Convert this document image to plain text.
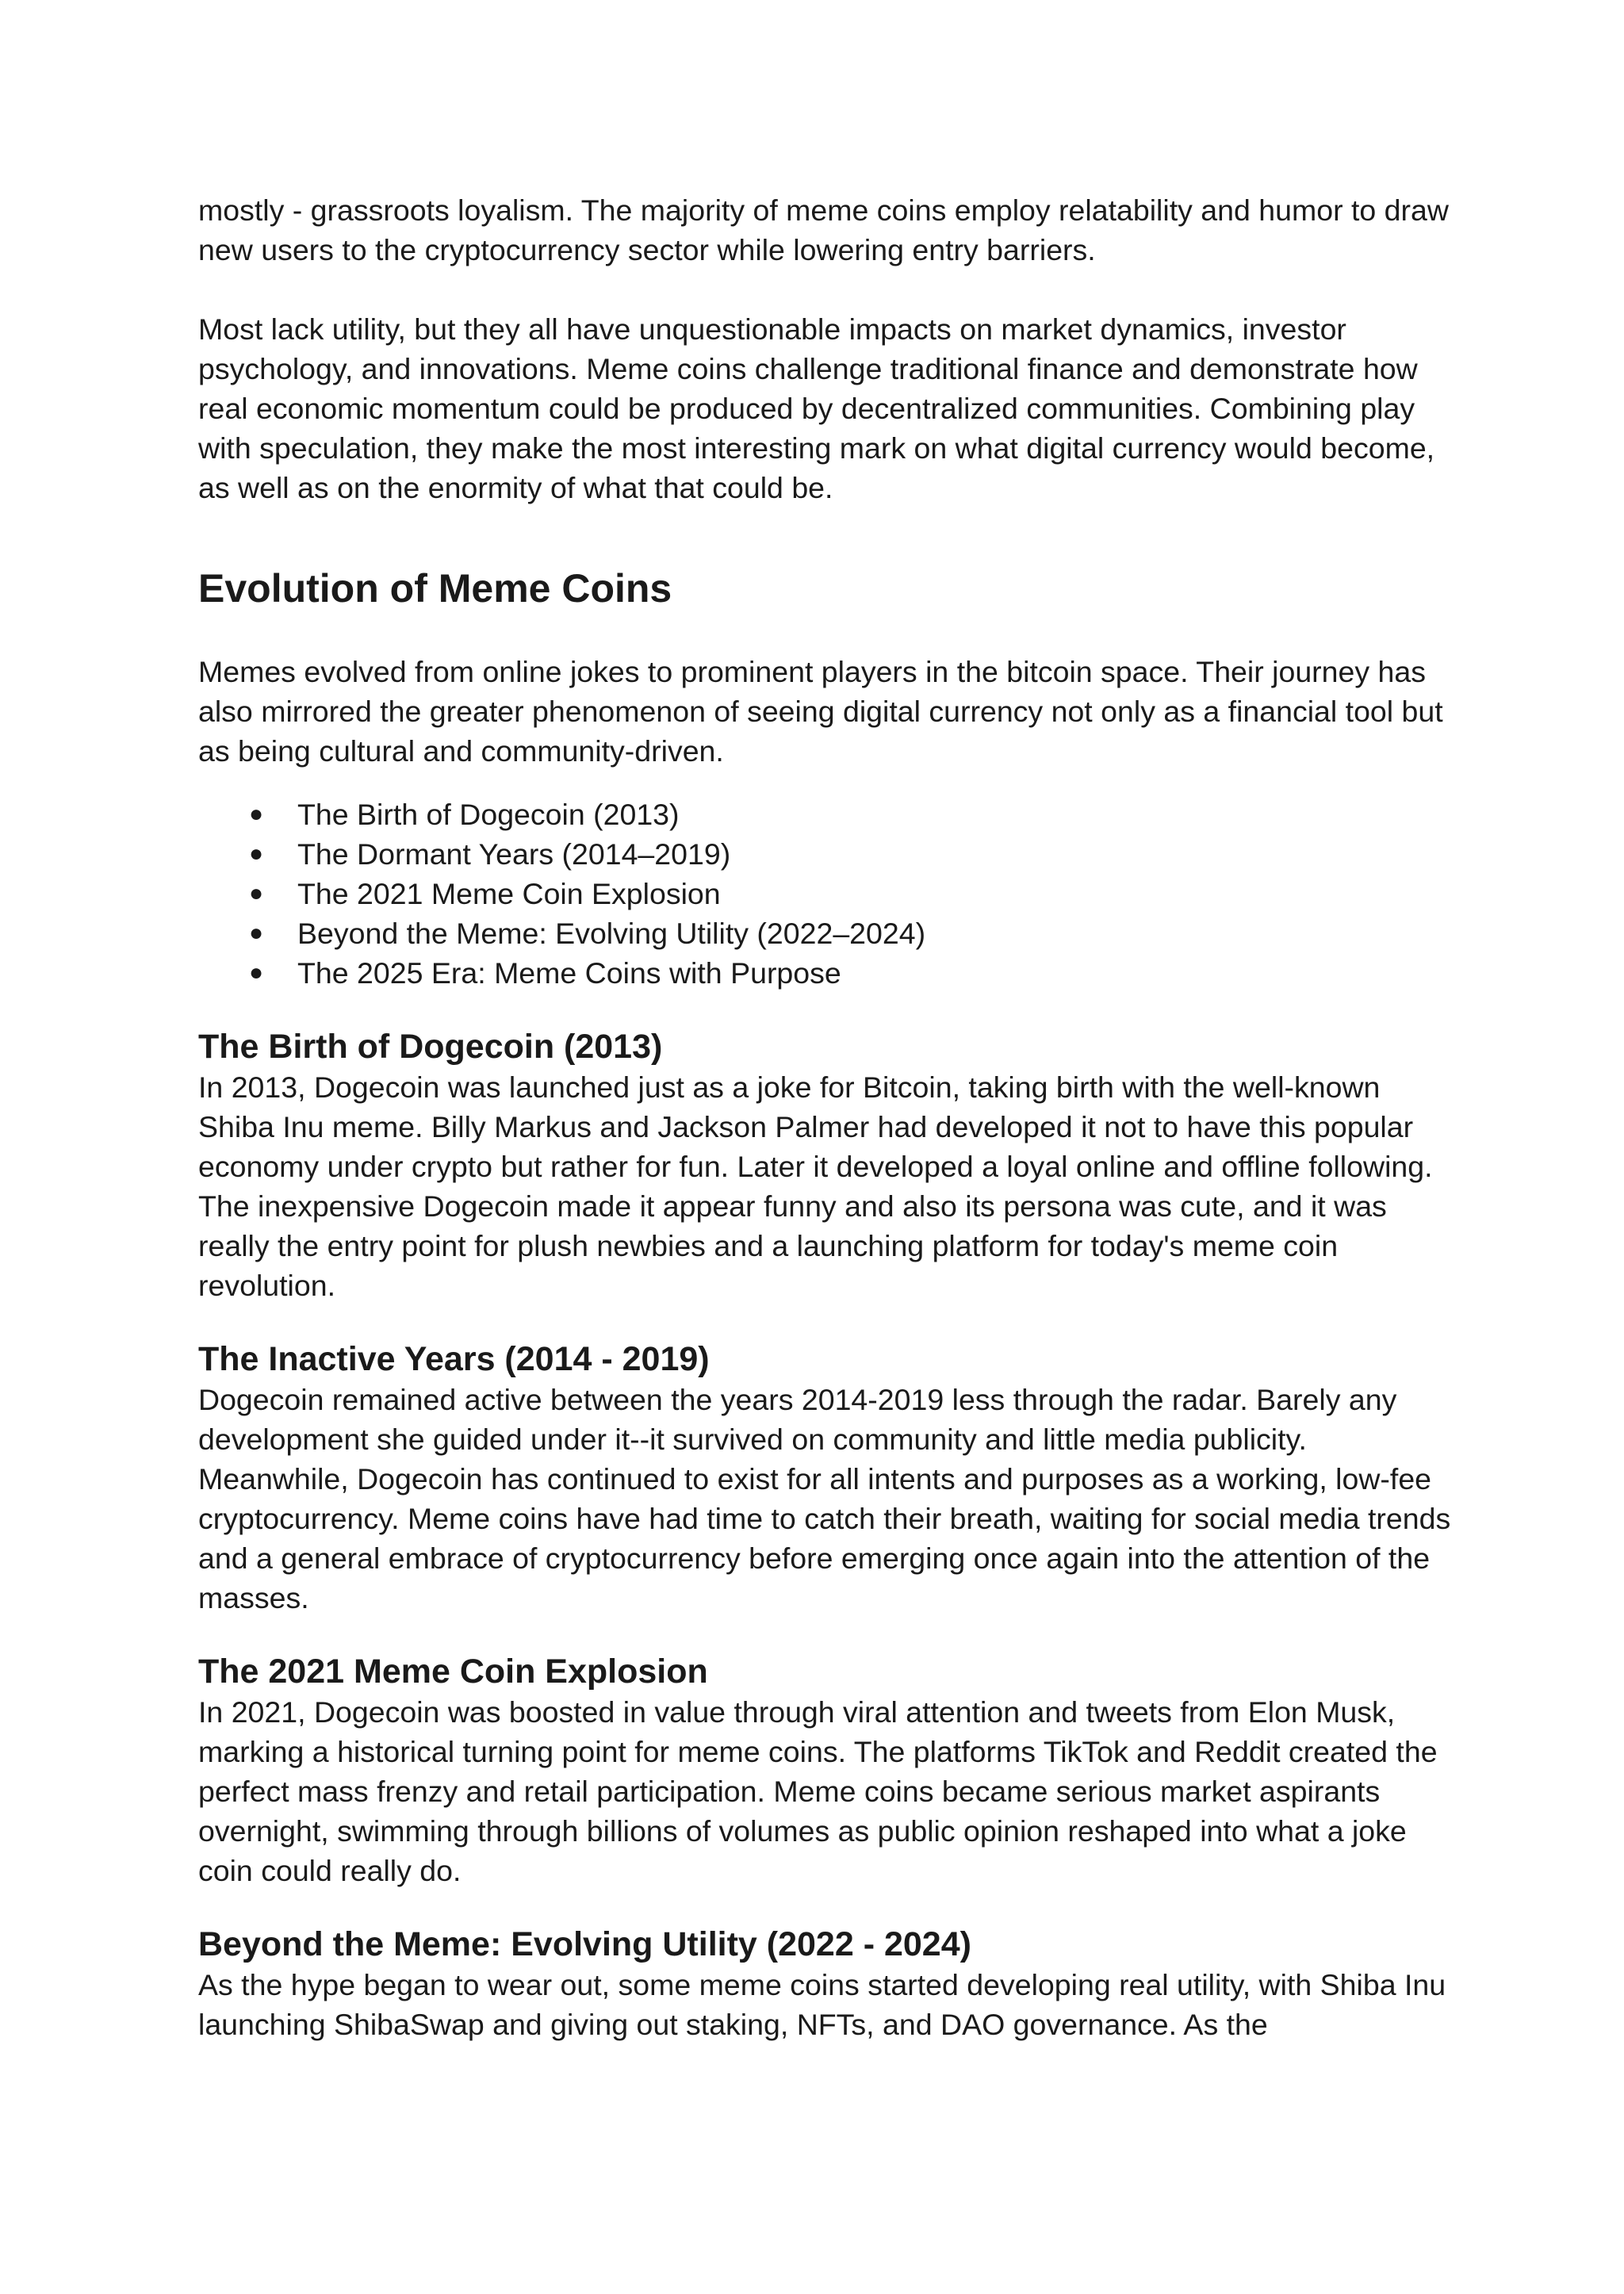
mostly - grassroots loyalism. The majority of meme coins employ relatability and humor to draw new users to the cryptocurrency sector while lowering entry barriers.

Most lack utility, but they all have unquestionable impacts on market dynamics, investor psychology, and innovations. Meme coins challenge traditional finance and demonstrate how real economic momentum could be produced by decentralized communities. Combining play with speculation, they make the most interesting mark on what digital currency would become, as well as on the enormity of what that could be.

Evolution of Meme Coins

Memes evolved from online jokes to prominent players in the bitcoin space. Their journey has also mirrored the greater phenomenon of seeing digital currency not only as a financial tool but as being cultural and community-driven.

● The Birth of Dogecoin (2013)
● The Dormant Years (2014–2019)
● The 2021 Meme Coin Explosion
● Beyond the Meme: Evolving Utility (2022–2024)
● The 2025 Era: Meme Coins with Purpose
The Birth of Dogecoin (2013)

In 2013, Dogecoin was launched just as a joke for Bitcoin, taking birth with the well-known Shiba Inu meme. Billy Markus and Jackson Palmer had developed it not to have this popular economy under crypto but rather for fun. Later it developed a loyal online and offline following. The inexpensive Dogecoin made it appear funny and also its persona was cute, and it was really the entry point for plush newbies and a launching platform for today's meme coin revolution.

The Inactive Years (2014 - 2019)

Dogecoin remained active between the years 2014-2019 less through the radar. Barely any development she guided under it--it survived on community and little media publicity. Meanwhile, Dogecoin has continued to exist for all intents and purposes as a working, low-fee cryptocurrency. Meme coins have had time to catch their breath, waiting for social media trends and a general embrace of cryptocurrency before emerging once again into the attention of the masses.

The 2021 Meme Coin Explosion

In 2021, Dogecoin was boosted in value through viral attention and tweets from Elon Musk, marking a historical turning point for meme coins. The platforms TikTok and Reddit created the perfect mass frenzy and retail participation. Meme coins became serious market aspirants overnight, swimming through billions of volumes as public opinion reshaped into what a joke coin could really do.

Beyond the Meme: Evolving Utility (2022 - 2024)

As the hype began to wear out, some meme coins started developing real utility, with Shiba Inu launching ShibaSwap and giving out staking, NFTs, and DAO governance. As the
